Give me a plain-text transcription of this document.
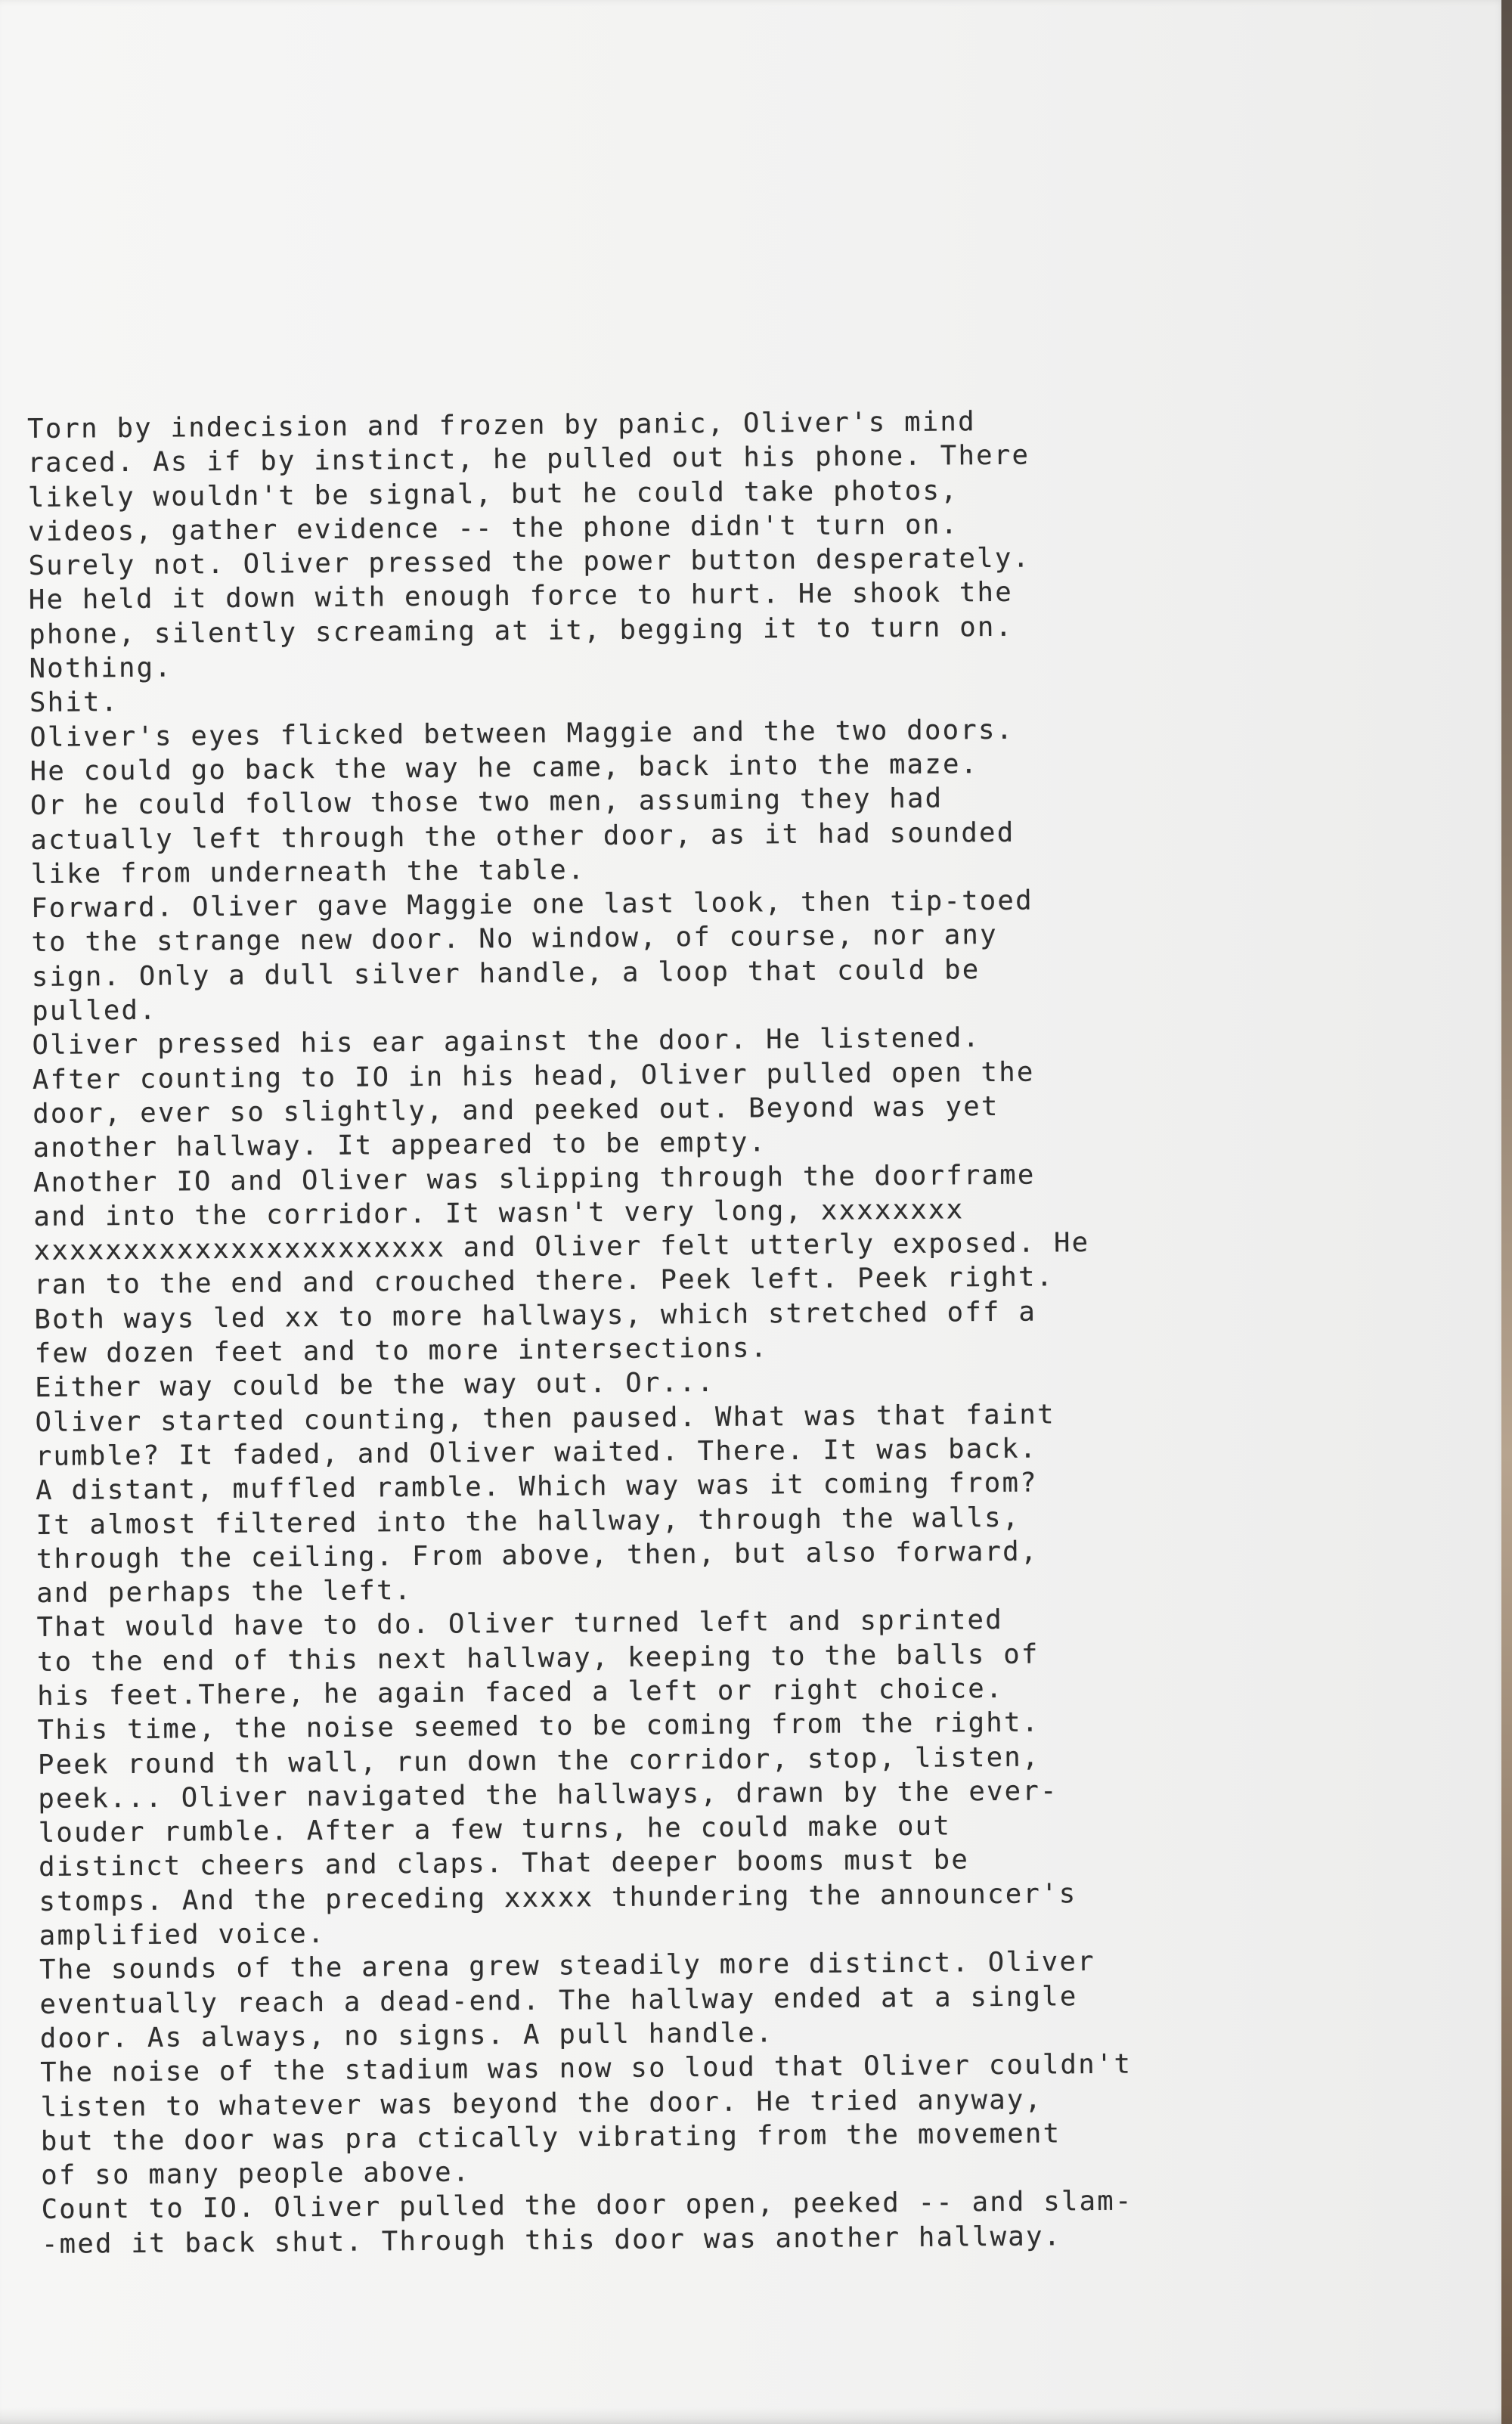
Torn by indecision and frozen by panic, Oliver's mind
raced. As if by instinct, he pulled out his phone. There
likely wouldn't be signal, but he could take photos,
videos, gather evidence -- the phone didn't turn on.
Surely not. Oliver pressed the power button desperately.
He held it down with enough force to hurt. He shook the
phone, silently screaming at it, begging it to turn on.
Nothing.
Shit.
Oliver's eyes flicked between Maggie and the two doors.
He could go back the way he came, back into the maze.
Or he could follow those two men, assuming they had
actually left through the other door, as it had sounded
like from underneath the table.
Forward. Oliver gave Maggie one last look, then tip-toed
to the strange new door. No window, of course, nor any
sign. Only a dull silver handle, a loop that could be
pulled.
Oliver pressed his ear against the door. He listened.
After counting to IO in his head, Oliver pulled open the
door, ever so slightly, and peeked out. Beyond was yet
another hallway. It appeared to be empty.
Another IO and Oliver was slipping through the doorframe
and into the corridor. It wasn't very long, xxxxxxxx
xxxxxxxxxxxxxxxxxxxxxxx and Oliver felt utterly exposed. He
ran to the end and crouched there. Peek left. Peek right.
Both ways led xx to more hallways, which stretched off a
few dozen feet and to more intersections.
Either way could be the way out. Or...
Oliver started counting, then paused. What was that faint
rumble? It faded, and Oliver waited. There. It was back.
A distant, muffled ramble. Which way was it coming from?
It almost filtered into the hallway, through the walls,
through the ceiling. From above, then, but also forward,
and perhaps the left.
That would have to do. Oliver turned left and sprinted
to the end of this next hallway, keeping to the balls of
his feet.There, he again faced a left or right choice.
This time, the noise seemed to be coming from the right.
Peek round th wall, run down the corridor, stop, listen,
peek... Oliver navigated the hallways, drawn by the ever-
louder rumble. After a few turns, he could make out
distinct cheers and claps. That deeper booms must be
stomps. And the preceding xxxxx thundering the announcer's
amplified voice.
The sounds of the arena grew steadily more distinct. Oliver
eventually reach a dead-end. The hallway ended at a single
door. As always, no signs. A pull handle.
The noise of the stadium was now so loud that Oliver couldn't
listen to whatever was beyond the door. He tried anyway,
but the door was pra ctically vibrating from the movement
of so many people above.
Count to IO. Oliver pulled the door open, peeked -- and slam-
-med it back shut. Through this door was another hallway.
